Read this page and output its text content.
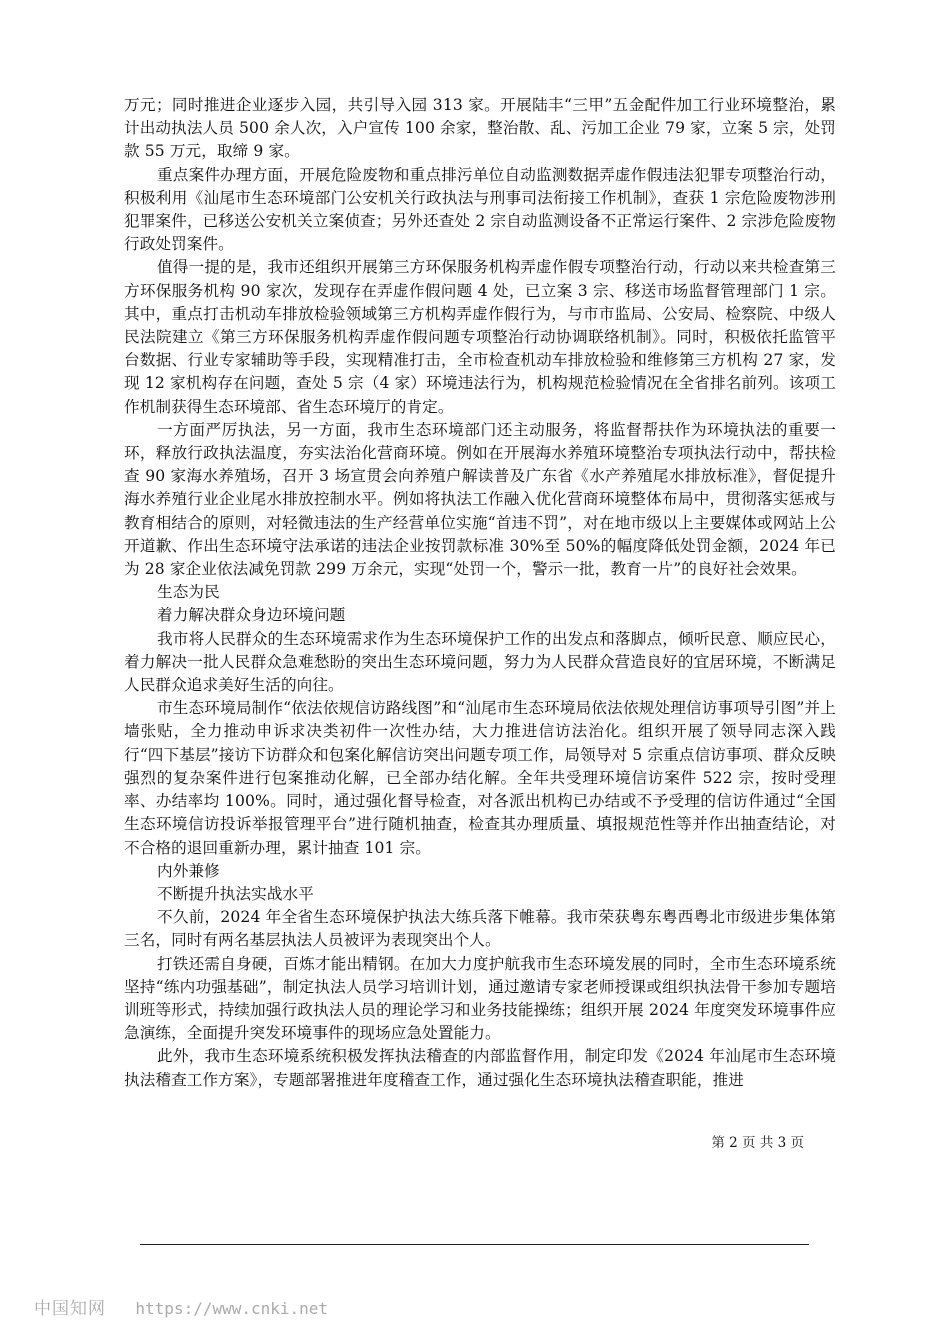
万元；同时推进企业逐步入园，共引导入园 313 家。开展陆丰“三甲”五金配件加工行业环境整治，累计出动执法人员 500 余人次，入户宣传 100 余家，整治散、乱、污加工企业 79 家，立案 5 宗，处罚款 55 万元，取缔 9 家。

重点案件办理方面，开展危险废物和重点排污单位自动监测数据弄虚作假违法犯罪专项整治行动，积极利用《汕尾市生态环境部门公安机关行政执法与刑事司法衔接工作机制》，查获 1 宗危险废物涉刑犯罪案件，已移送公安机关立案侦查；另外还查处 2 宗自动监测设备不正常运行案件、2 宗涉危险废物行政处罚案件。

值得一提的是，我市还组织开展第三方环保服务机构弄虚作假专项整治行动，行动以来共检查第三方环保服务机构 90 家次，发现存在弄虚作假问题 4 处，已立案 3 宗、移送市场监督管理部门 1 宗。其中，重点打击机动车排放检验领域第三方机构弄虚作假行为，与市市监局、公安局、检察院、中级人民法院建立《第三方环保服务机构弄虚作假问题专项整治行动协调联络机制》。同时，积极依托监管平台数据、行业专家辅助等手段，实现精准打击，全市检查机动车排放检验和维修第三方机构 27 家，发现 12 家机构存在问题，查处 5 宗（4 家）环境违法行为，机构规范检验情况在全省排名前列。该项工作机制获得生态环境部、省生态环境厅的肯定。

一方面严厉执法，另一方面，我市生态环境部门还主动服务，将监督帮扶作为环境执法的重要一环，释放行政执法温度，夯实法治化营商环境。例如在开展海水养殖环境整治专项执法行动中，帮扶检查 90 家海水养殖场，召开 3 场宣贯会向养殖户解读普及广东省《水产养殖尾水排放标准》，督促提升海水养殖行业企业尾水排放控制水平。例如将执法工作融入优化营商环境整体布局中，贯彻落实惩戒与教育相结合的原则，对轻微违法的生产经营单位实施“首违不罚”，对在地市级以上主要媒体或网站上公开道歉、作出生态环境守法承诺的违法企业按罚款标准 30%至 50%的幅度降低处罚金额，2024 年已为 28 家企业依法减免罚款 299 万余元，实现“处罚一个，警示一批，教育一片”的良好社会效果。

生态为民

着力解决群众身边环境问题

我市将人民群众的生态环境需求作为生态环境保护工作的出发点和落脚点，倾听民意、顺应民心，着力解决一批人民群众急难愁盼的突出生态环境问题，努力为人民群众营造良好的宜居环境，不断满足人民群众追求美好生活的向往。

市生态环境局制作“依法依规信访路线图”和“汕尾市生态环境局依法依规处理信访事项导引图”并上墙张贴，全力推动申诉求决类初件一次性办结，大力推进信访法治化。组织开展了领导同志深入践行“四下基层”接访下访群众和包案化解信访突出问题专项工作，局领导对 5 宗重点信访事项、群众反映强烈的复杂案件进行包案推动化解，已全部办结化解。全年共受理环境信访案件 522 宗，按时受理率、办结率均 100%。同时，通过强化督导检查，对各派出机构已办结或不予受理的信访件通过“全国生态环境信访投诉举报管理平台”进行随机抽查，检查其办理质量、填报规范性等并作出抽查结论，对不合格的退回重新办理，累计抽查 101 宗。

内外兼修

不断提升执法实战水平

不久前，2024 年全省生态环境保护执法大练兵落下帷幕。我市荣获粤东粤西粤北市级进步集体第三名，同时有两名基层执法人员被评为表现突出个人。

打铁还需自身硬，百炼才能出精钢。在加大力度护航我市生态环境发展的同时，全市生态环境系统坚持“练内功强基础”，制定执法人员学习培训计划，通过邀请专家老师授课或组织执法骨干参加专题培训班等形式，持续加强行政执法人员的理论学习和业务技能操练；组织开展 2024 年度突发环境事件应急演练，全面提升突发环境事件的现场应急处置能力。

此外，我市生态环境系统积极发挥执法稽查的内部监督作用，制定印发《2024 年汕尾市生态环境执法稽查工作方案》，专题部署推进年度稽查工作，通过强化生态环境执法稽查职能，推进

第 2 页 共 3 页
中国知网 https://www.cnki.net
